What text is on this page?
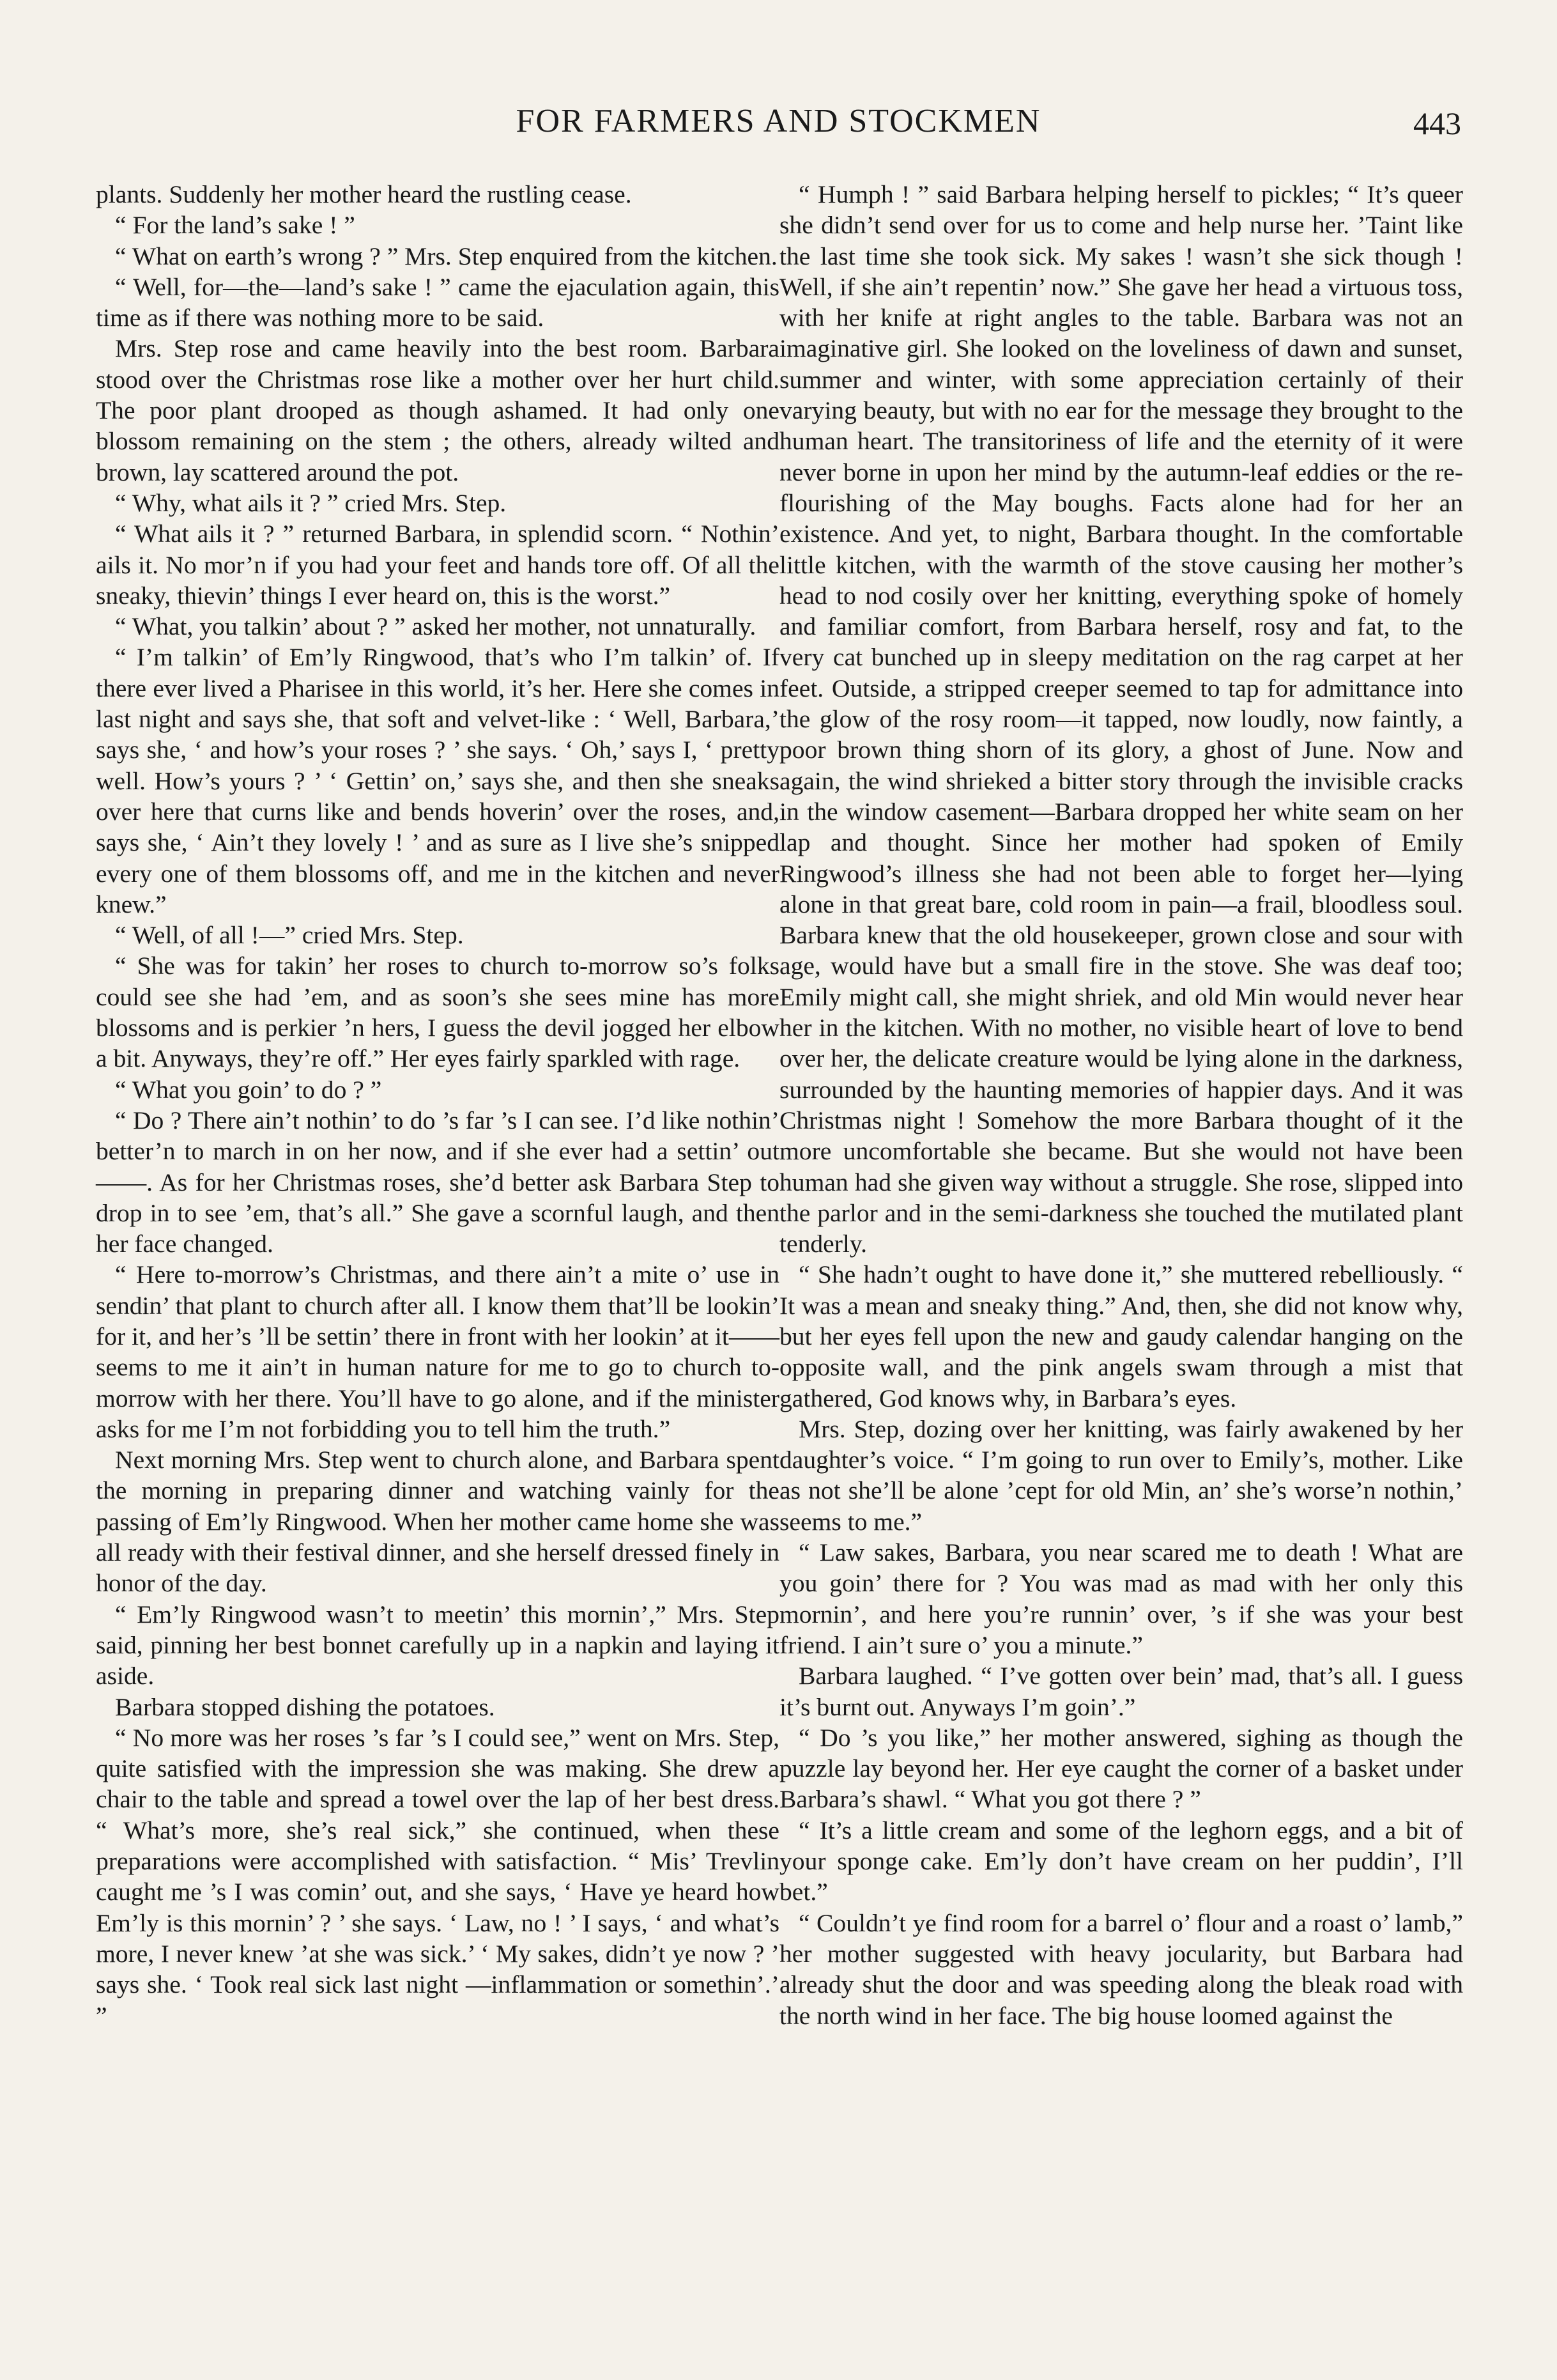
FOR FARMERS AND STOCKMEN	443

plants. Suddenly her mother heard the rustling cease.

“ For the land’s sake ! ”

“ What on earth’s wrong ? ” Mrs. Step enquired from the kitchen.

“ Well, for—the—land’s sake ! ” came the ejaculation again, this time as if there was nothing more to be said.

Mrs. Step rose and came heavily into the best room. Barbara stood over the Christmas rose like a mother over her hurt child. The poor plant drooped as though ashamed. It had only one blossom remaining on the stem ; the others, already wilted and brown, lay scattered around the pot.

“ Why, what ails it ? ” cried Mrs. Step.

“ What ails it ? ” returned Barbara, in splendid scorn. “ Nothin’ ails it. No mor’n if you had your feet and hands tore off. Of all the sneaky, thievin’ things I ever heard on, this is the worst.”

“ What, you talkin’ about ? ” asked her mother, not unnaturally.

“ I’m talkin’ of Em’ly Ringwood, that’s who I’m talkin’ of. If there ever lived a Pharisee in this world, it’s her. Here she comes in last night and says she, that soft and velvet-like : ‘ Well, Barbara,’ says she, ‘ and how’s your roses ? ’ she says. ‘ Oh,’ says I, ‘ pretty well. How’s yours ? ’ ‘ Gettin’ on,’ says she, and then she sneaks over here that curns like and bends hoverin’ over the roses, and, says she, ‘ Ain’t they lovely ! ’ and as sure as I live she’s snipped every one of them blossoms off, and me in the kitchen and never knew.”

“ Well, of all !—” cried Mrs. Step.

“ She was for takin’ her roses to church to-morrow so’s folks could see she had ’em, and as soon’s she sees mine has more blossoms and is perkier ’n hers, I guess the devil jogged her elbow a bit. Anyways, they’re off.” Her eyes fairly sparkled with rage.

“ What you goin’ to do ? ”

“ Do ? There ain’t nothin’ to do ’s far ’s I can see. I’d like nothin’ better’n to march in on her now, and if she ever had a settin’ out——. As for her Christmas roses, she’d better ask Barbara Step to drop in to see ’em, that’s all.” She gave a scornful laugh, and then her face changed.

“ Here to-morrow’s Christmas, and there ain’t a mite o’ use in sendin’ that plant to church after all. I know them that’ll be lookin’ for it, and her’s ’ll be settin’ there in front with her lookin’ at it——seems to me it ain’t in human nature for me to go to church to-morrow with her there. You’ll have to go alone, and if the minister asks for me I’m not forbidding you to tell him the truth.”

Next morning Mrs. Step went to church alone, and Barbara spent the morning in preparing dinner and watching vainly for the passing of Em’ly Ringwood. When her mother came home she was all ready with their festival dinner, and she herself dressed finely in honor of the day.

“ Em’ly Ringwood wasn’t to meetin’ this mornin’,” Mrs. Step said, pinning her best bonnet carefully up in a napkin and laying it aside.

Barbara stopped dishing the potatoes.

“ No more was her roses ’s far ’s I could see,” went on Mrs. Step, quite satisfied with the impression she was making. She drew a chair to the table and spread a towel over the lap of her best dress. “ What’s more, she’s real sick,” she continued, when these preparations were accomplished with satisfaction. “ Mis’ Trevlin caught me ’s I was comin’ out, and she says, ‘ Have ye heard how Em’ly is this mornin’ ? ’ she says. ‘ Law, no ! ’ I says, ‘ and what’s more, I never knew ’at she was sick.’ ‘ My sakes, didn’t ye now ? ’ says she. ‘ Took real sick last night —inflammation or somethin’.’ ”

“ Humph ! ” said Barbara helping herself to pickles; “ It’s queer she didn’t send over for us to come and help nurse her. ’Taint like the last time she took sick. My sakes ! wasn’t she sick though ! Well, if she ain’t repentin’ now.” She gave her head a virtuous toss, with her knife at right angles to the table. Barbara was not an imaginative girl. She looked on the loveliness of dawn and sunset, summer and winter, with some appreciation certainly of their varying beauty, but with no ear for the message they brought to the human heart. The transitoriness of life and the eternity of it were never borne in upon her mind by the autumn-leaf eddies or the re-flourishing of the May boughs. Facts alone had for her an existence. And yet, to night, Barbara thought. In the comfortable little kitchen, with the warmth of the stove causing her mother’s head to nod cosily over her knitting, everything spoke of homely and familiar comfort, from Barbara herself, rosy and fat, to the very cat bunched up in sleepy meditation on the rag carpet at her feet. Outside, a stripped creeper seemed to tap for admittance into the glow of the rosy room—it tapped, now loudly, now faintly, a poor brown thing shorn of its glory, a ghost of June. Now and again, the wind shrieked a bitter story through the invisible cracks in the window casement—Barbara dropped her white seam on her lap and thought. Since her mother had spoken of Emily Ringwood’s illness she had not been able to forget her—lying alone in that great bare, cold room in pain—a frail, bloodless soul. Barbara knew that the old housekeeper, grown close and sour with age, would have but a small fire in the stove. She was deaf too; Emily might call, she might shriek, and old Min would never hear her in the kitchen. With no mother, no visible heart of love to bend over her, the delicate creature would be lying alone in the darkness, surrounded by the haunting memories of happier days. And it was Christmas night ! Somehow the more Barbara thought of it the more uncomfortable she became. But she would not have been human had she given way without a struggle. She rose, slipped into the parlor and in the semi-darkness she touched the mutilated plant tenderly.

“ She hadn’t ought to have done it,” she muttered rebelliously. “ It was a mean and sneaky thing.” And, then, she did not know why, but her eyes fell upon the new and gaudy calendar hanging on the opposite wall, and the pink angels swam through a mist that gathered, God knows why, in Barbara’s eyes.

Mrs. Step, dozing over her knitting, was fairly awakened by her daughter’s voice. “ I’m going to run over to Emily’s, mother. Like as not she’ll be alone ’cept for old Min, an’ she’s worse’n nothin,’ seems to me.”

“ Law sakes, Barbara, you near scared me to death ! What are you goin’ there for ? You was mad as mad with her only this mornin’, and here you’re runnin’ over, ’s if she was your best friend. I ain’t sure o’ you a minute.”

Barbara laughed. “ I’ve gotten over bein’ mad, that’s all. I guess it’s burnt out. Anyways I’m goin’.”

“ Do ’s you like,” her mother answered, sighing as though the puzzle lay beyond her. Her eye caught the corner of a basket under Barbara’s shawl. “ What you got there ? ”

“ It’s a little cream and some of the leghorn eggs, and a bit of your sponge cake. Em’ly don’t have cream on her puddin’, I’ll bet.”

“ Couldn’t ye find room for a barrel o’ flour and a roast o’ lamb,” her mother suggested with heavy jocularity, but Barbara had already shut the door and was speeding along the bleak road with the north wind in her face. The big house loomed against the
